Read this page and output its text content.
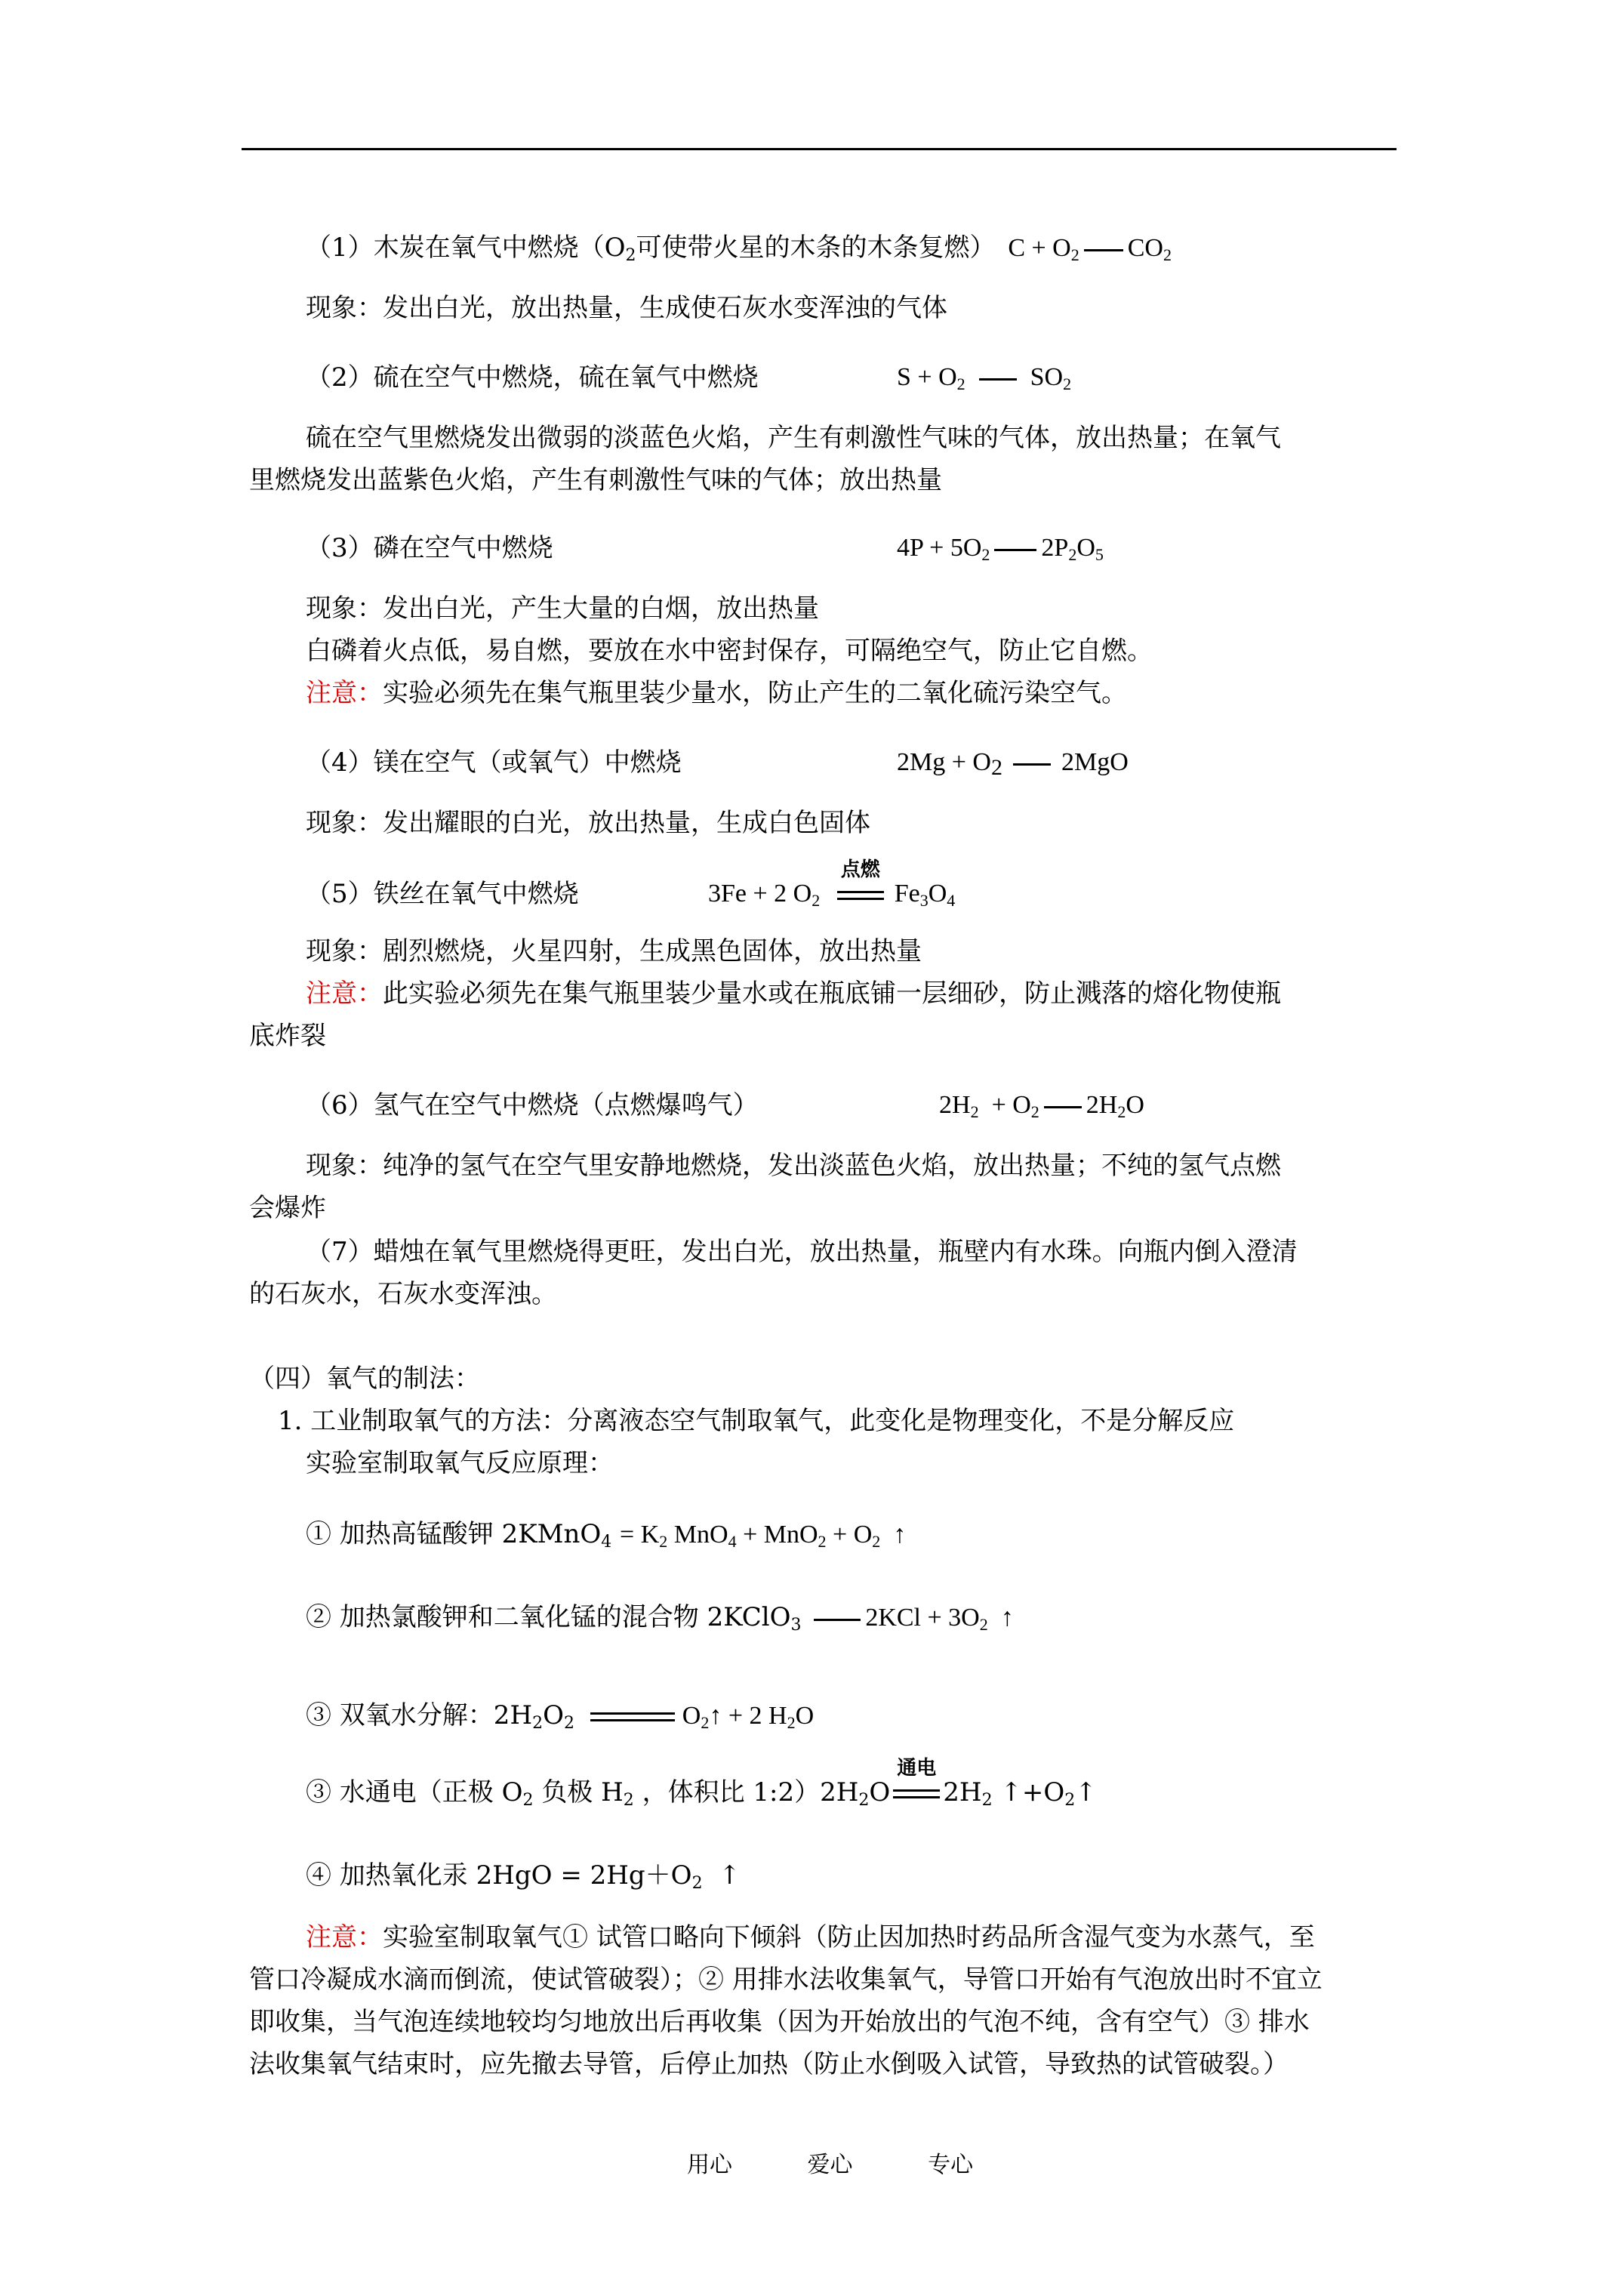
（1）木炭在氧气中燃烧（$O_2$可使带火星的木条的木条复燃） $C + O_2$ $CO_2$
现象：发出白光，放出热量，生成使石灰水变浑浊的气体
（2）硫在空气中燃烧，硫在氧气中燃烧	$S + O_2$	$SO_2$
硫在空气里燃烧发出微弱的淡蓝色火焰，产生有刺激性气味的气体，放出热量；在氧气
里燃烧发出蓝紫色火焰，产生有刺激性气味的气体；放出热量
（3）磷在空气中燃烧	$4P + 5O_2$ $2P_2O_5$
现象：发出白光，产生大量的白烟，放出热量
白磷着火点低，易自燃，要放在水中密封保存，可隔绝空气，防止它自燃。
注意：实验必须先在集气瓶里装少量水，防止产生的二氧化硫污染空气。
（4）镁在空气（或氧气）中燃烧	$2Mg + O_2$ 2MgO
现象：发出耀眼的白光，放出热量，生成白色固体
（5）铁丝在氧气中燃烧	3Fe + 2 $O_2$
点燃
$Fe_3O_4$
现象：剧烈燃烧，火星四射，生成黑色固体，放出热量
注意：此实验必须先在集气瓶里装少量水或在瓶底铺一层细砂，防止溅落的熔化物使瓶
底炸裂
（6）氢气在空气中燃烧（点燃爆鸣气）	$2H_2 + O_2$ $2H_2O$
现象：纯净的氢气在空气里安静地燃烧，发出淡蓝色火焰，放出热量；不纯的氢气点燃
会爆炸
（7）蜡烛在氧气里燃烧得更旺，发出白光，放出热量，瓶壁内有水珠。向瓶内倒入澄清
的石灰水，石灰水变浑浊。
（四）氧气的制法：
1. 工业制取氧气的方法：分离液态空气制取氧气，此变化是物理变化，不是分解反应
实验室制取氧气反应原理：
① 加热高锰酸钾 2KMnO$_4$ = $K_2$ $MnO_4 + MnO_2 + O_2$ ↑
② 加热氯酸钾和二氧化锰的混合物 2KClO$_3$ $2KCl + 3O_2$ ↑
③ 双氧水分解：$2H_2O_2$	$O_2↑ + 2$ $H_2O$
③ 水通电（正极 $O_2$ 负极 $H_2$ ，体积比 $1:2)2H_2O$
通电
$2H_2$ $↑+O_2↑$
④ 加热氧化汞 $2HgO = 2Hg+O_2$ ↑
注意：实验室制取氧气① 试管口略向下倾斜（防止因加热时药品所含湿气变为水蒸气，至
管口冷凝成水滴而倒流，使试管破裂）；② 用排水法收集氧气，导管口开始有气泡放出时不宜立
即收集，当气泡连续地较均匀地放出后再收集（因为开始放出的气泡不纯，含有空气）③ 排水
法收集氧气结束时，应先撤去导管，后停止加热（防止水倒吸入试管，导致热的试管破裂。）
用心	爱心	专心
